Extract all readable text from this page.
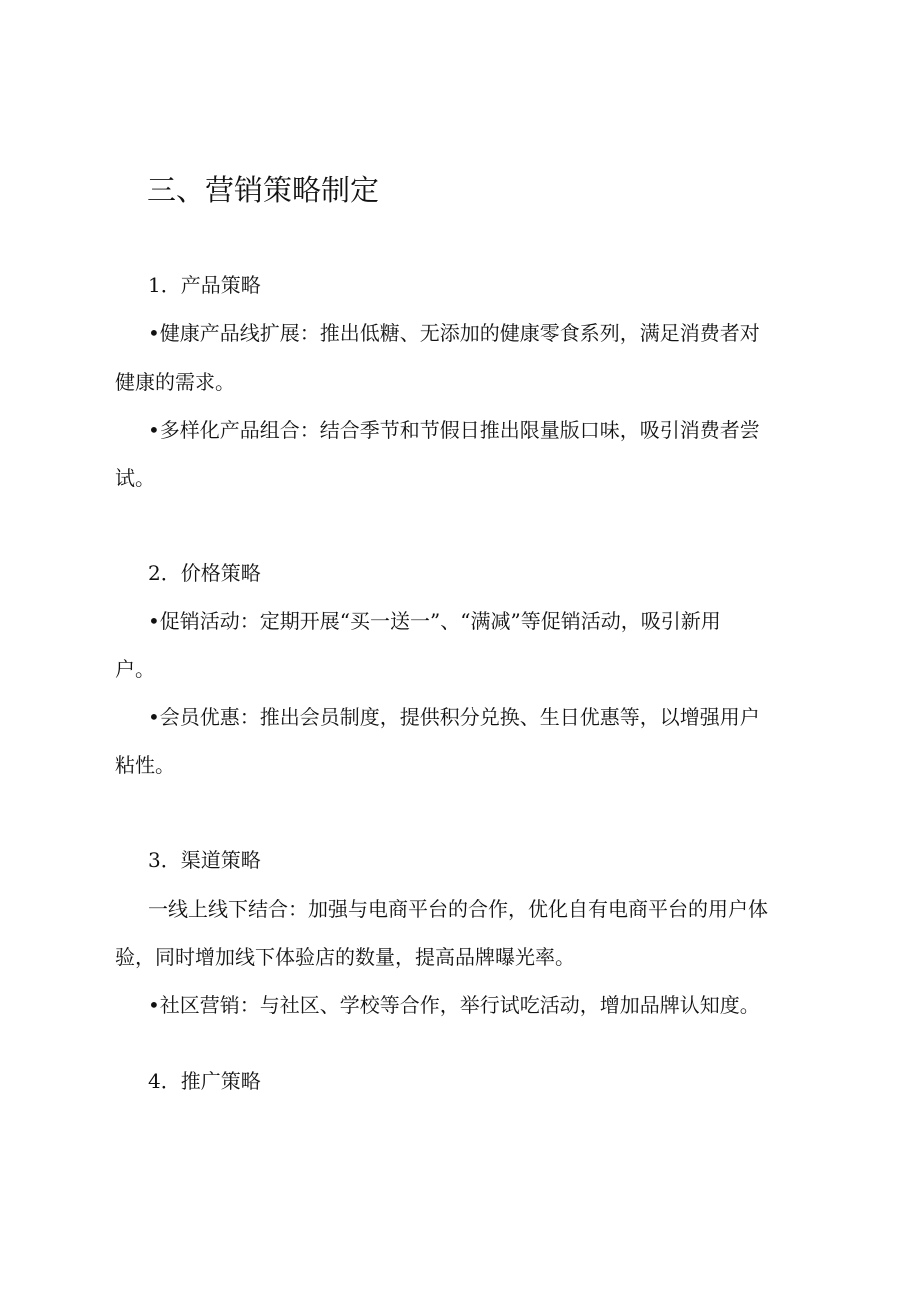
三、营销策略制定
1．产品策略
•健康产品线扩展：推出低糖、无添加的健康零食系列，满足消费者对
健康的需求。
•多样化产品组合：结合季节和节假日推出限量版口味，吸引消费者尝
试。
2．价格策略
•促销活动：定期开展“买一送一”、“满减”等促销活动，吸引新用
户。
•会员优惠：推出会员制度，提供积分兑换、生日优惠等，以增强用户
粘性。
3．渠道策略
一线上线下结合：加强与电商平台的合作，优化自有电商平台的用户体
验，同时增加线下体验店的数量，提高品牌曝光率。
•社区营销：与社区、学校等合作，举行试吃活动，增加品牌认知度。
4．推广策略
